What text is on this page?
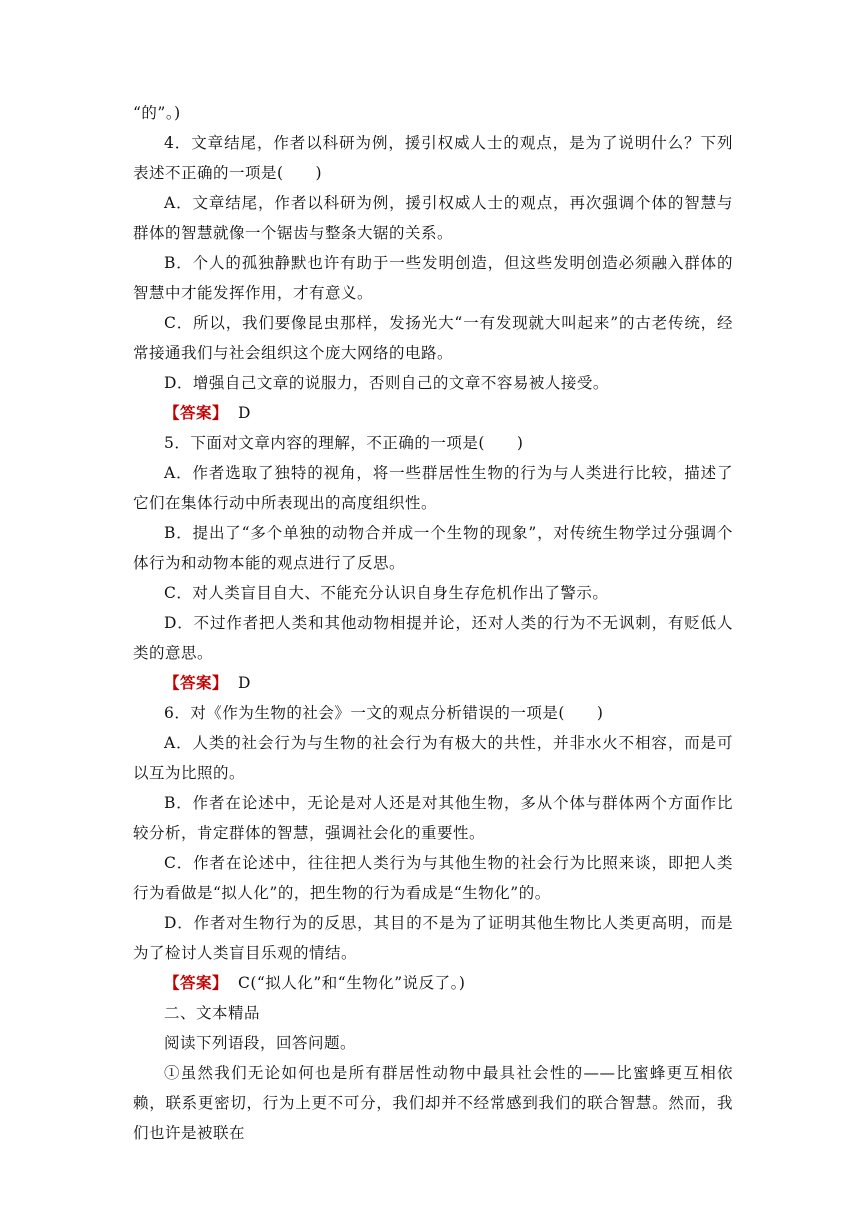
“的”。)

4．文章结尾，作者以科研为例，援引权威人士的观点，是为了说明什么？下列表述不正确的一项是(　　)

A．文章结尾，作者以科研为例，援引权威人士的观点，再次强调个体的智慧与群体的智慧就像一个锯齿与整条大锯的关系。

B．个人的孤独静默也许有助于一些发明创造，但这些发明创造必须融入群体的智慧中才能发挥作用，才有意义。

C．所以，我们要像昆虫那样，发扬光大“一有发现就大叫起来”的古老传统，经常接通我们与社会组织这个庞大网络的电路。

D．增强自己文章的说服力，否则自己的文章不容易被人接受。

【答案】 D

5．下面对文章内容的理解，不正确的一项是(　　)

A．作者选取了独特的视角，将一些群居性生物的行为与人类进行比较，描述了它们在集体行动中所表现出的高度组织性。

B．提出了“多个单独的动物合并成一个生物的现象”，对传统生物学过分强调个体行为和动物本能的观点进行了反思。

C．对人类盲目自大、不能充分认识自身生存危机作出了警示。

D．不过作者把人类和其他动物相提并论，还对人类的行为不无讽刺，有贬低人类的意思。

【答案】 D

6．对《作为生物的社会》一文的观点分析错误的一项是(　　)

A．人类的社会行为与生物的社会行为有极大的共性，并非水火不相容，而是可以互为比照的。

B．作者在论述中，无论是对人还是对其他生物，多从个体与群体两个方面作比较分析，肯定群体的智慧，强调社会化的重要性。

C．作者在论述中，往往把人类行为与其他生物的社会行为比照来谈，即把人类行为看做是“拟人化”的，把生物的行为看成是“生物化”的。

D．作者对生物行为的反思，其目的不是为了证明其他生物比人类更高明，而是为了检讨人类盲目乐观的情结。

【答案】 C(“拟人化”和“生物化”说反了。)

二、文本精品

阅读下列语段，回答问题。

①虽然我们无论如何也是所有群居性动物中最具社会性的——比蜜蜂更互相依赖，联系更密切，行为上更不可分，我们却并不经常感到我们的联合智慧。然而，我们也许是被联在
